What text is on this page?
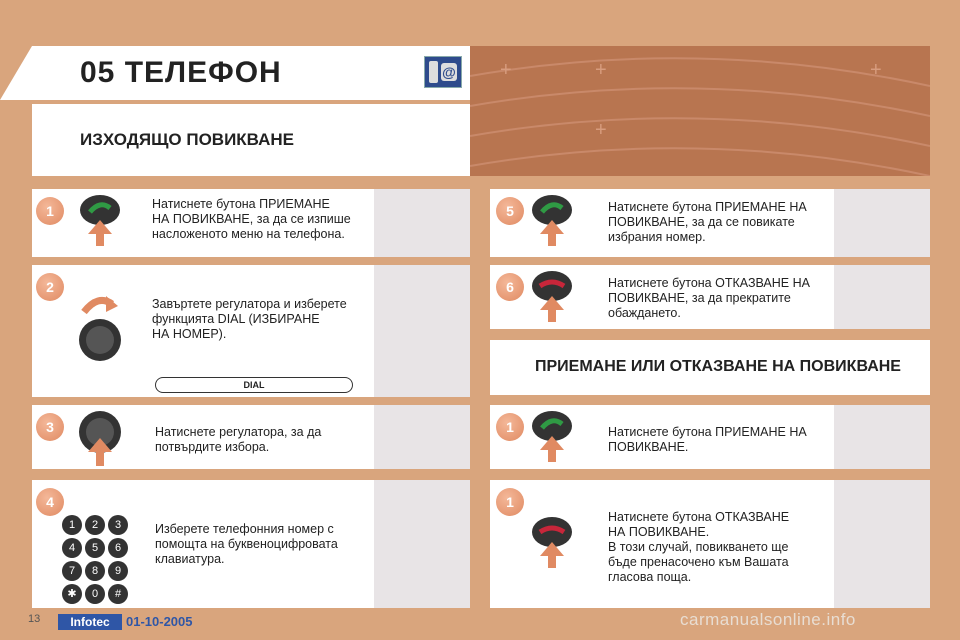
+	+	+
+
05 ТЕЛЕФОН	@
ИЗХОДЯЩО ПОВИКВАНЕ
1	Натиснете бутона ПРИЕМАНЕ
НА ПОВИКВАНЕ, за да се изпише
насложеното меню на телефона.
2
Завъртете регулатора и изберете
функцията DIAL (ИЗБИРАНЕ
НА НОМЕР).
DIAL
3	Натиснете регулатора, за да
потвърдите избора.
4
1	2	3
4	5	6
7	8	9
✱	0	#
Изберете телефонния номер с
помощта на буквеноцифровата
клавиатура.
5	Натиснете бутона ПРИЕМАНЕ НА
ПОВИКВАНЕ, за да се повикате
избрания номер.
6	Натиснете бутона ОТКАЗВАНЕ НА
ПОВИКВАНЕ, за да прекратите
обаждането.
ПРИЕМАНЕ ИЛИ ОТКАЗВАНЕ НА ПОВИКВАНЕ
1	Натиснете бутона ПРИЕМАНЕ НА
ПОВИКВАНЕ.
1
Натиснете бутона ОТКАЗВАНЕ
НА ПОВИКВАНЕ.
В този случай, повикването ще
бъде пренасочено към Вашата
гласова поща.
13	Infotec	01-10-2005	carmanualsonline.info
